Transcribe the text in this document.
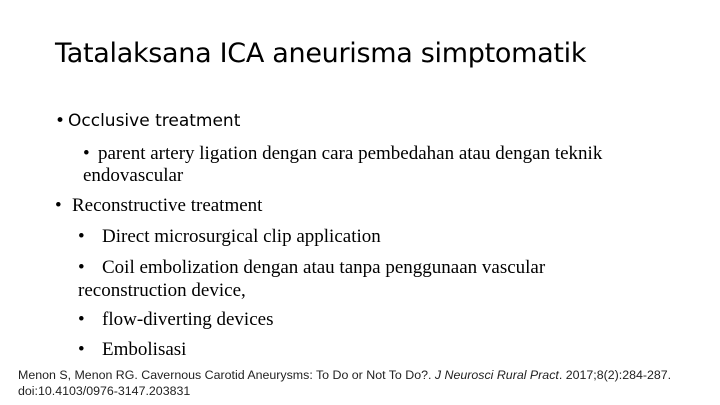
Tatalaksana ICA aneurisma simptomatik
• Occlusive treatment
• parent artery ligation dengan cara pembedahan atau dengan teknik
endovascular
• Reconstructive treatment
• Direct microsurgical clip application
• Coil embolization dengan atau tanpa penggunaan vascular
reconstruction device,
• flow-diverting devices
• Embolisasi
Menon S, Menon RG. Cavernous Carotid Aneurysms: To Do or Not To Do?. J Neurosci Rural Pract. 2017;8(2):284-287. doi:10.4103/0976-3147.203831
